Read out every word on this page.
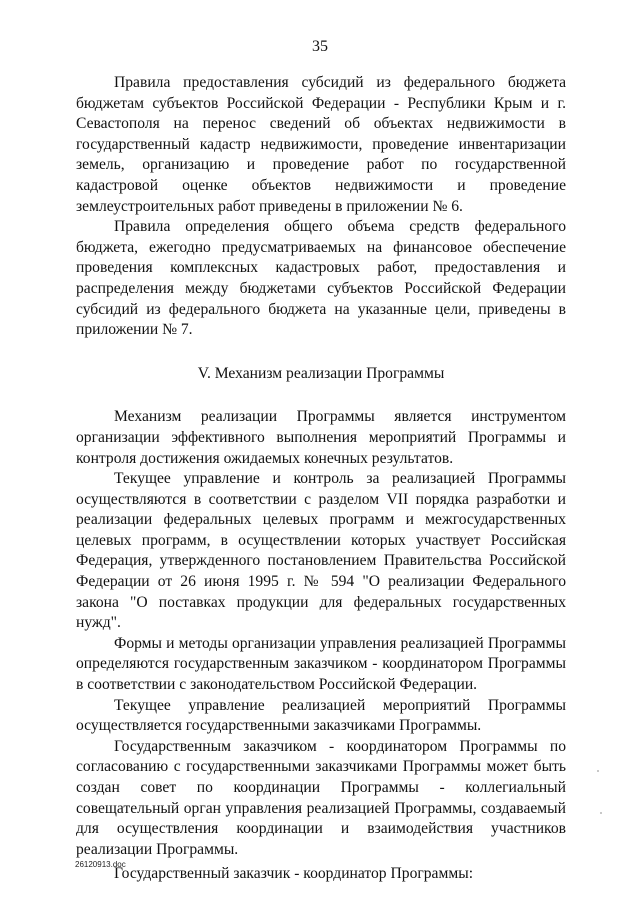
35

Правила предоставления субсидий из федерального бюджета бюджетам субъектов Российской Федерации - Республики Крым и г. Севастополя на перенос сведений об объектах недвижимости в государственный кадастр недвижимости, проведение инвентаризации земель, организацию и проведение работ по государственной кадастровой оценке объектов недвижимости и проведение землеустроительных работ приведены в приложении № 6.

Правила определения общего объема средств федерального бюджета, ежегодно предусматриваемых на финансовое обеспечение проведения комплексных кадастровых работ, предоставления и распределения между бюджетами субъектов Российской Федерации субсидий из федерального бюджета на указанные цели, приведены в приложении № 7.

V. Механизм реализации Программы

Механизм реализации Программы является инструментом организации эффективного выполнения мероприятий Программы и контроля достижения ожидаемых конечных результатов.

Текущее управление и контроль за реализацией Программы осуществляются в соответствии с разделом VII порядка разработки и реализации федеральных целевых программ и межгосударственных целевых программ, в осуществлении которых участвует Российская Федерация, утвержденного постановлением Правительства Российской Федерации от 26 июня 1995 г. № 594 "О реализации Федерального закона "О поставках продукции для федеральных государственных нужд".

Формы и методы организации управления реализацией Программы определяются государственным заказчиком - координатором Программы в соответствии с законодательством Российской Федерации.

Текущее управление реализацией мероприятий Программы осуществляется государственными заказчиками Программы.

Государственным заказчиком - координатором Программы по согласованию с государственными заказчиками Программы может быть создан совет по координации Программы - коллегиальный совещательный орган управления реализацией Программы, создаваемый для осуществления координации и взаимодействия участников реализации Программы.

Государственный заказчик - координатор Программы:

26120913.doc
